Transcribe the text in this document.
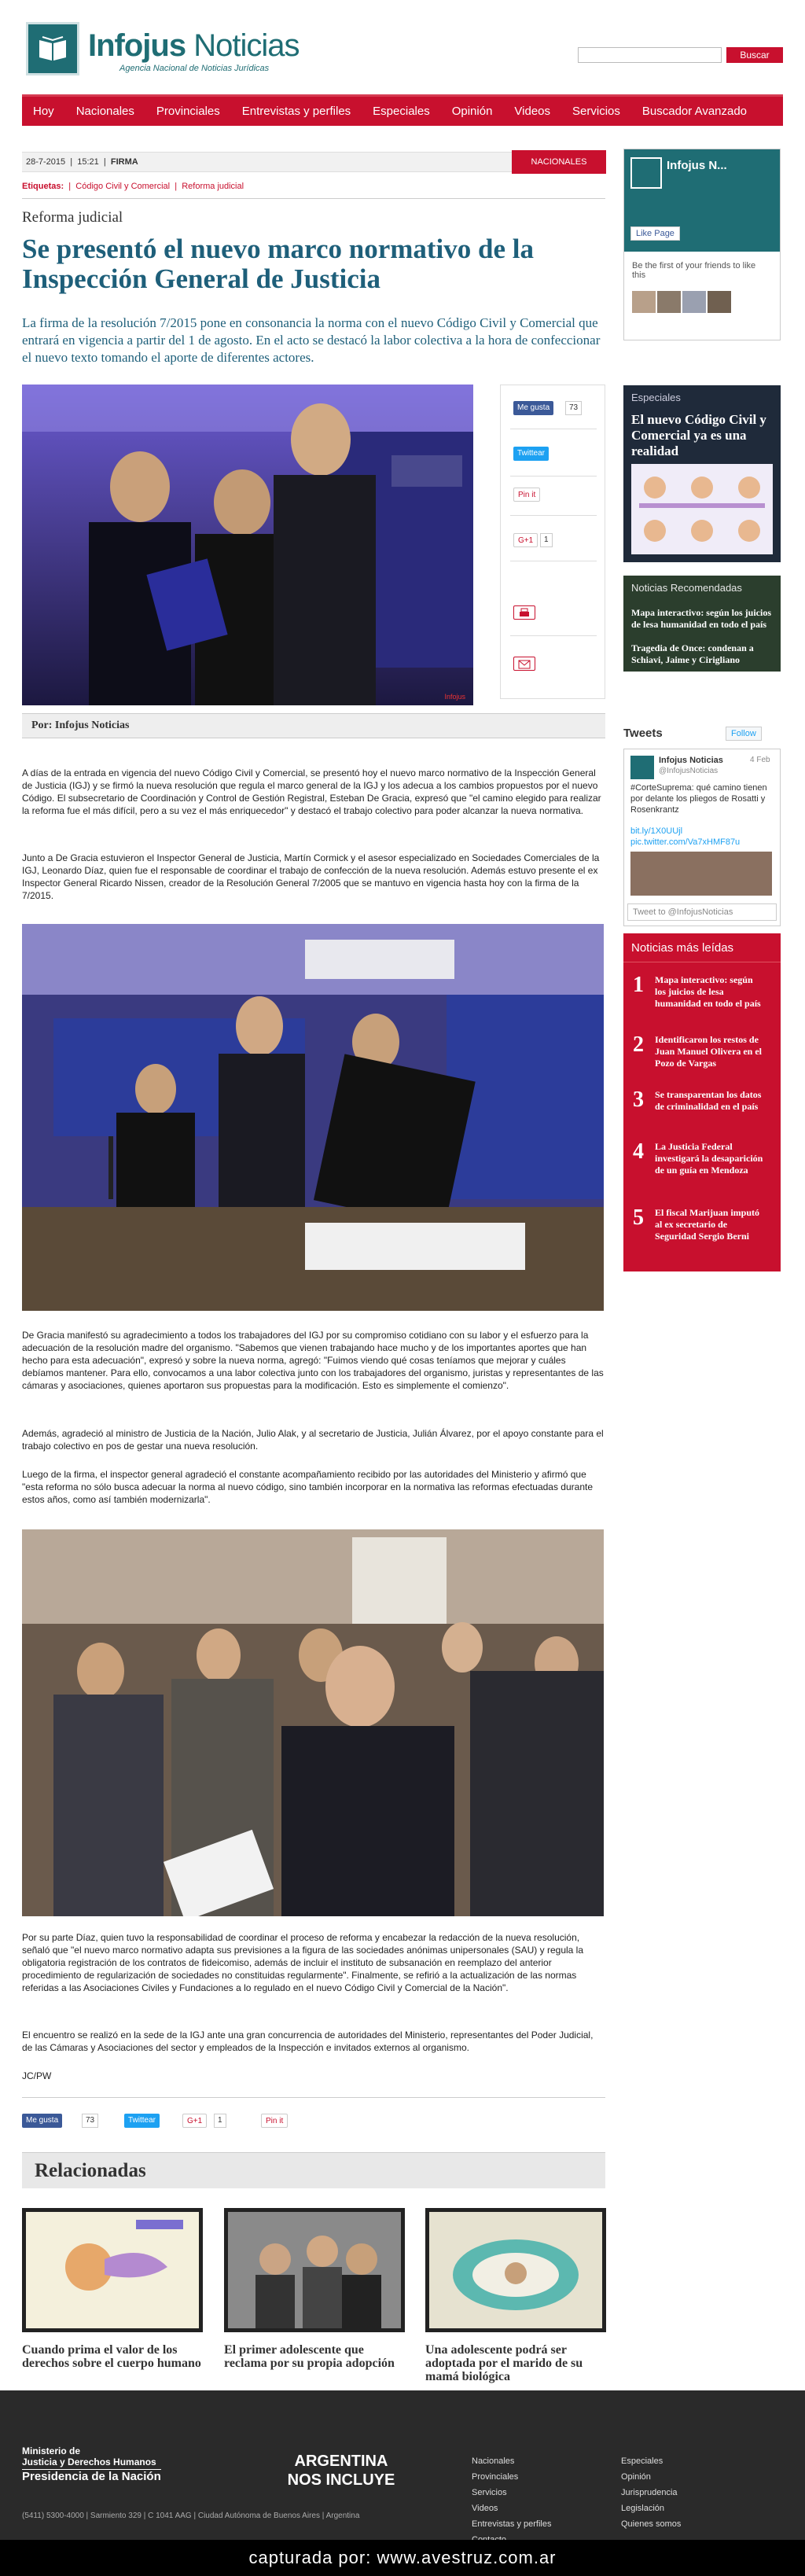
Infojus Noticias
Agencia Nacional de Noticias Jurídicas
Buscar
Hoy	Nacionales	Provinciales	Entrevistas y perfiles	Especiales	Opinión	Videos	Servicios	Buscador Avanzado
28-7-2015  |  15:21  |  FIRMA	NACIONALES
Etiquetas:  |  Código Civil y Comercial  |  Reforma judicial
Reforma judicial
Se presentó el nuevo marco normativo de la Inspección General de Justicia
La firma de la resolución 7/2015 pone en consonancia la norma con el nuevo Código Civil y Comercial que entrará en vigencia a partir del 1 de agosto. En el acto se destacó la labor colectiva a la hora de confeccionar el nuevo texto tomando el aporte de diferentes actores.
Infojus
Me gusta	73
Twittear
Pin it
G+1	1
Por: Infojus Noticias
A días de la entrada en vigencia del nuevo Código Civil y Comercial, se presentó hoy el nuevo marco normativo de la Inspección General de Justicia (IGJ) y se firmó la nueva resolución que regula el marco general de la IGJ y los adecua a los cambios propuestos por el nuevo Código. El subsecretario de Coordinación y Control de Gestión Registral, Esteban De Gracia, expresó que "el camino elegido para realizar la reforma fue el más difícil, pero a su vez el más enriquecedor" y destacó el trabajo colectivo para poder alcanzar la nueva normativa.
Junto a De Gracia estuvieron el Inspector General de Justicia, Martín Cormick y el asesor especializado en Sociedades Comerciales de la IGJ, Leonardo Díaz, quien fue el responsable de coordinar el trabajo de confección de la nueva resolución. Además estuvo presente el ex Inspector General Ricardo Nissen, creador de la Resolución General 7/2005 que se mantuvo en vigencia hasta hoy con la firma de la 7/2015.
De Gracia manifestó su agradecimiento a todos los trabajadores del IGJ por su compromiso cotidiano con su labor y el esfuerzo para la adecuación de la resolución madre del organismo. "Sabemos que vienen trabajando hace mucho y de los importantes aportes que han hecho para esta adecuación", expresó y sobre la nueva norma, agregó: "Fuimos viendo qué cosas teníamos que mejorar y cuáles debíamos mantener. Para ello, convocamos a una labor colectiva junto con los trabajadores del organismo, juristas y representantes de las cámaras y asociaciones, quienes aportaron sus propuestas para la modificación. Esto es simplemente el comienzo".
Además, agradeció al ministro de Justicia de la Nación, Julio Alak, y al secretario de Justicia, Julián Álvarez, por el apoyo constante para el trabajo colectivo en pos de gestar una nueva resolución.
Luego de la firma, el inspector general agradeció el constante acompañamiento recibido por las autoridades del Ministerio y afirmó que "esta reforma no sólo busca adecuar la norma al nuevo código, sino también incorporar en la normativa las reformas efectuadas durante estos años, como así también modernizarla".
Por su parte Díaz, quien tuvo la responsabilidad de coordinar el proceso de reforma y encabezar la redacción de la nueva resolución, señaló que "el nuevo marco normativo adapta sus previsiones a la figura de las sociedades anónimas unipersonales (SAU) y regula la obligatoria registración de los contratos de fideicomiso, además de incluir el instituto de subsanación en reemplazo del anterior procedimiento de regularización de sociedades no constituidas regularmente". Finalmente, se refirió a la actualización de las normas referidas a las Asociaciones Civiles y Fundaciones a lo regulado en el nuevo Código Civil y Comercial de la Nación".
El encuentro se realizó en la sede de la IGJ ante una gran concurrencia de autoridades del Ministerio, representantes del Poder Judicial, de las Cámaras y Asociaciones del sector y empleados de la Inspección e invitados externos al organismo.
JC/PW
Me gusta	73	Twittear	G+1	1	Pin it
Relacionadas
Cuando prima el valor de los derechos sobre el cuerpo humano
El primer adolescente que reclama por su propia adopción
Una adolescente podrá ser adoptada por el marido de su mamá biológica
Infojus N...
Like Page
Be the first of your friends to like this
Especiales
El nuevo Código Civil y Comercial ya es una realidad
Noticias Recomendadas
Mapa interactivo: según los juicios de lesa humanidad en todo el país
Tragedia de Once: condenan a Schiavi, Jaime y Cirigliano
Tweets	Follow
Infojus Noticias	4 Feb
@InfojusNoticias
#CorteSuprema: qué camino tienen por delante los pliegos de Rosatti y Rosenkrantz
bit.ly/1X0UUjl
pic.twitter.com/Va7xHMF87u
Tweet to @InfojusNoticias
Noticias más leídas
1 Mapa interactivo: según los juicios de lesa humanidad en todo el país
2 Identificaron los restos de Juan Manuel Olivera en el Pozo de Vargas
3 Se transparentan los datos de criminalidad en el país
4 La Justicia Federal investigará la desaparición de un guía en Mendoza
5 El fiscal Marijuan imputó al ex secretario de Seguridad Sergio Berni
Ministerio de
Justicia y Derechos Humanos
Presidencia de la Nación
(5411) 5300-4000 | Sarmiento 329 | C 1041 AAG | Ciudad Autónoma de Buenos Aires | Argentina
ARGENTINA
NOS INCLUYE
Nacionales
Provinciales
Servicios
Videos
Entrevistas y perfiles
Especiales
Opinión
Jurisprudencia
Legislación
Quienes somos
capturada por: www.avestruz.com.ar
